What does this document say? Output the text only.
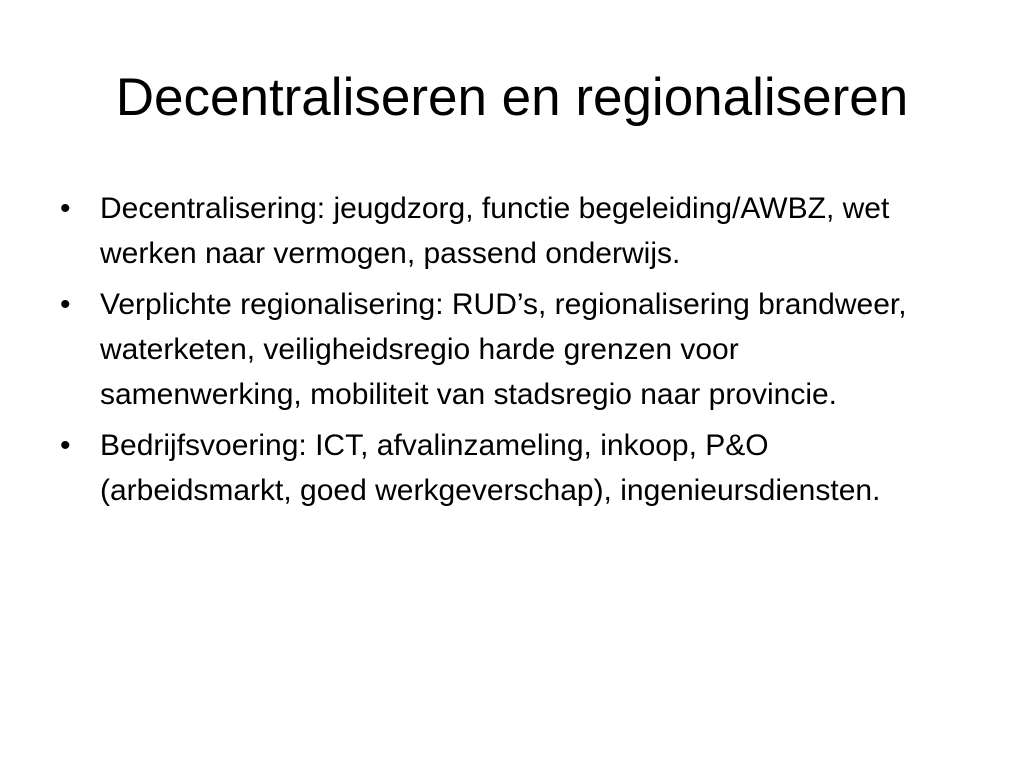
Decentraliseren en regionaliseren
• Decentralisering: jeugdzorg, functie begeleiding/AWBZ, wet werken naar vermogen, passend onderwijs.
• Verplichte regionalisering: RUD’s, regionalisering brandweer, waterketen, veiligheidsregio harde grenzen voor samenwerking, mobiliteit van stadsregio naar provincie.
• Bedrijfsvoering: ICT, afvalinzameling, inkoop, P&O (arbeidsmarkt, goed werkgeverschap), ingenieursdiensten.
